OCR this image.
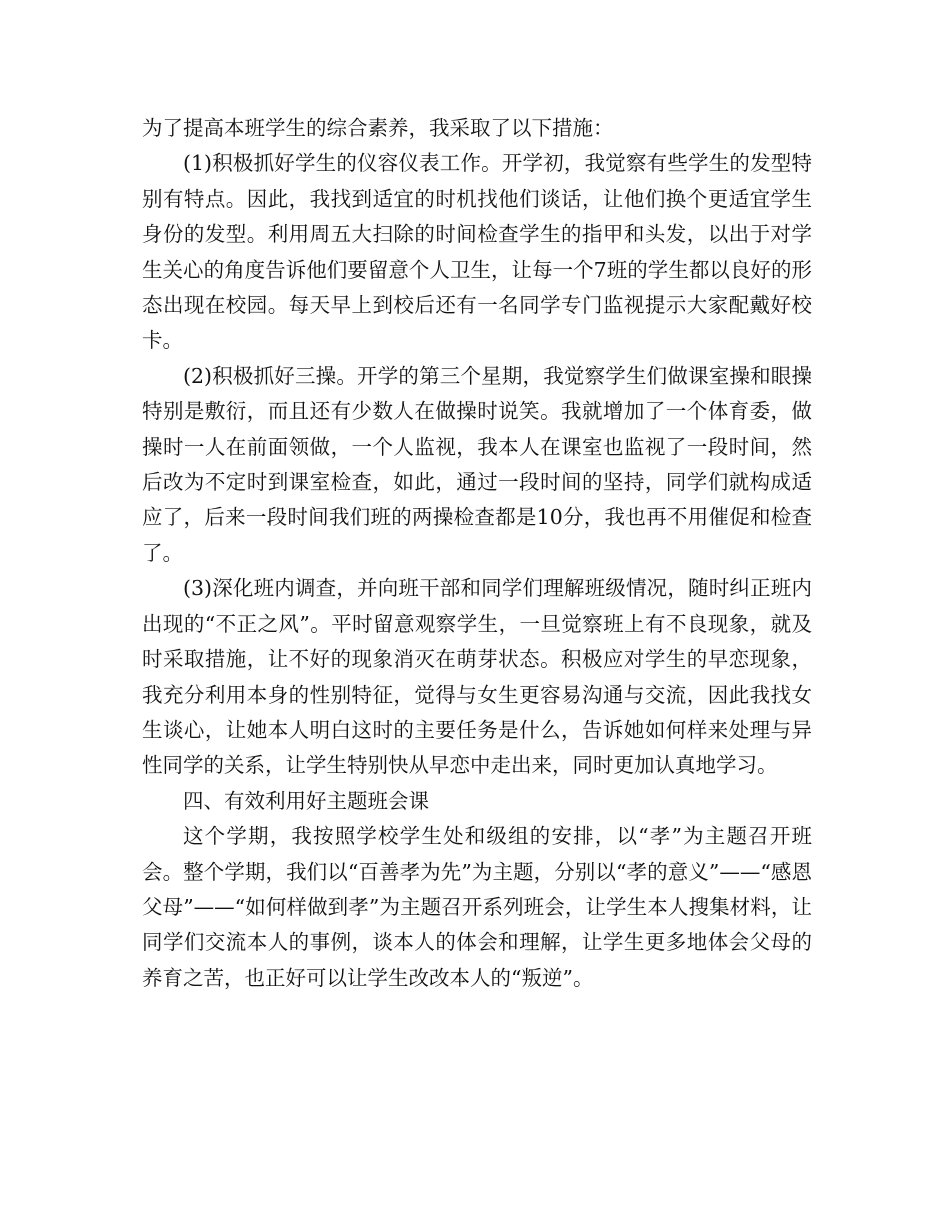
为了提高本班学生的综合素养，我采取了以下措施：

(1)积极抓好学生的仪容仪表工作。开学初，我觉察有些学生的发型特别有特点。因此，我找到适宜的时机找他们谈话，让他们换个更适宜学生身份的发型。利用周五大扫除的时间检查学生的指甲和头发，以出于对学生关心的角度告诉他们要留意个人卫生，让每一个7班的学生都以良好的形态出现在校园。每天早上到校后还有一名同学专门监视提示大家配戴好校卡。

(2)积极抓好三操。开学的第三个星期，我觉察学生们做课室操和眼操特别是敷衍，而且还有少数人在做操时说笑。我就增加了一个体育委，做操时一人在前面领做，一个人监视，我本人在课室也监视了一段时间，然后改为不定时到课室检查，如此，通过一段时间的坚持，同学们就构成适应了，后来一段时间我们班的两操检查都是10分，我也再不用催促和检查了。

(3)深化班内调查，并向班干部和同学们理解班级情况，随时纠正班内出现的“不正之风”。平时留意观察学生，一旦觉察班上有不良现象，就及时采取措施，让不好的现象消灭在萌芽状态。积极应对学生的早恋现象，我充分利用本身的性别特征，觉得与女生更容易沟通与交流，因此我找女生谈心，让她本人明白这时的主要任务是什么，告诉她如何样来处理与异性同学的关系，让学生特别快从早恋中走出来，同时更加认真地学习。

四、有效利用好主题班会课

这个学期，我按照学校学生处和级组的安排，以“孝”为主题召开班会。整个学期，我们以“百善孝为先”为主题，分别以“孝的意义”——“感恩父母”——“如何样做到孝”为主题召开系列班会，让学生本人搜集材料，让同学们交流本人的事例，谈本人的体会和理解，让学生更多地体会父母的养育之苦，也正好可以让学生改改本人的“叛逆”。
